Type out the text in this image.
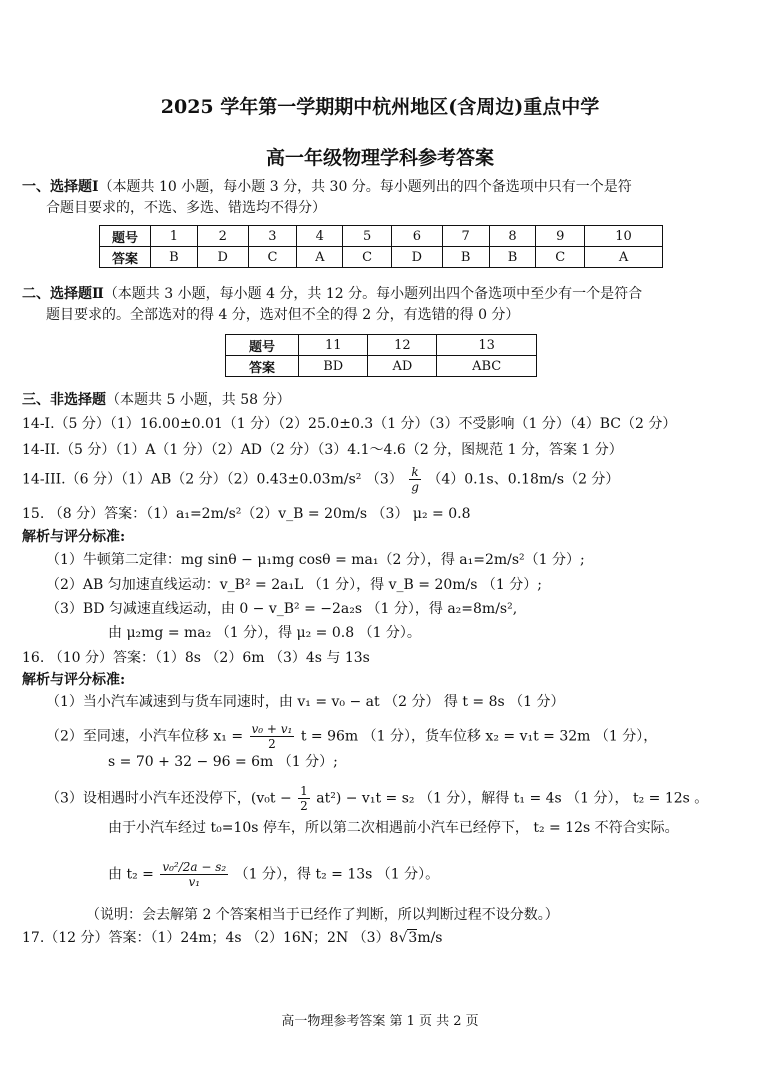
2025 学年第一学期期中杭州地区(含周边)重点中学
高一年级物理学科参考答案
一、选择题Ⅰ（本题共 10 小题，每小题 3 分，共 30 分。每小题列出的四个备选项中只有一个是符
合题目要求的，不选、多选、错选均不得分）
题号	1	2	3	4	5	6	7	8	9	10
答案	B	D	C	A	C	D	B	B	C	A
二、选择题Ⅱ（本题共 3 小题，每小题 4 分，共 12 分。每小题列出四个备选项中至少有一个是符合
题目要求的。全部选对的得 4 分，选对但不全的得 2 分，有选错的得 0 分）
题号	11	12	13
答案	BD	AD	ABC
三、非选择题（本题共 5 小题，共 58 分）
14-I.（5 分）（1）16.00±0.01（1 分）（2）25.0±0.3（1 分）（3）不受影响（1 分）（4）BC（2 分）
14-II.（5 分）（1）A（1 分）（2）AD（2 分）（3）4.1～4.6（2 分，图规范 1 分，答案 1 分）
14-III.（6 分）（1）AB（2 分）（2）0.43±0.03m/s² $(3) \frac{k}{g} (4)0.1s$、0.18m/s（2 分）
15. （8 分）答案：（1）a₁=2m/s²（2）v_B = 20m/s （3） μ₂ = 0.8
解析与评分标准:
（1）牛顿第二定律：mg sinθ − μ₁mg cosθ = ma₁（2 分），得 a₁=2m/s²（1 分）;
（2）AB 匀加速直线运动：v_B² = 2a₁L （1 分），得 v_B = 20m/s （1 分）;
（3）BD 匀减速直线运动，由 0 − v_B² = −2a₂s （1 分），得 a₂=8m/s²,
由 μ₂mg = ma₂ （1 分），得 μ₂ = 0.8 （1 分）。
16. （10 分）答案：（1）8s （2）6m （3）4s 与 13s
解析与评分标准:
（1）当小汽车减速到与货车同速时，由 v₁ = v₀ − at （2 分） 得 t = 8s （1 分）
（2）至同速，小汽车位移 $x_1 = \frac{\text{v₀ + v₁}}{2}$ t = 96m （1 分），货车位移 x₂ = v₁t = 32m （1 分），
s = 70 + 32 − 96 = 6m （1 分）;
（3）设相遇时小汽车还没停下，$(v_0t - \frac{1}{2} at^2) - v_1t = s_2$ （1 分），解得 t₁ = 4s （1 分）， t₂ = 12s 。
由于小汽车经过 t₀=10s 停车，所以第二次相遇前小汽车已经停下， t₂ = 12s 不符合实际。
由 $t_2 = \frac{\text{v₀²/2a − s₂}}{\text{v₁}} (1$ 分），得 t₂ = 13s （1 分）。
（说明：会去解第 2 个答案相当于已经作了判断，所以判断过程不设分数。）
17.（12 分）答案：（1）24m；4s （2）16N；2N （3）8√3m/s
高一物理参考答案 第 1 页 共 2 页
